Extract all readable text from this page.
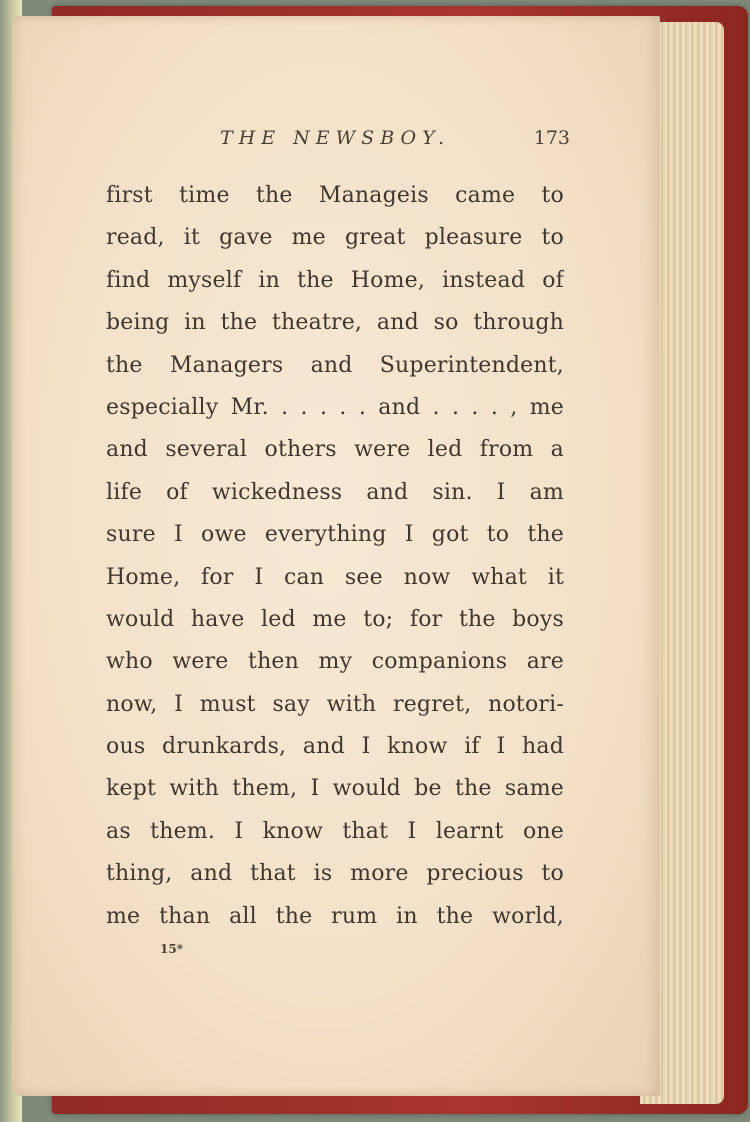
THE NEWSBOY.	173
first time the Manageis came to
read, it gave me great pleasure to
find myself in the Home, instead of
being in the theatre, and so through
the Managers and Superintendent,
especially Mr. . . . . . and . . . . , me
and several others were led from a
life of wickedness and sin. I am
sure I owe everything I got to the
Home, for I can see now what it
would have led me to; for the boys
who were then my companions are
now, I must say with regret, notori-
ous drunkards, and I know if I had
kept with them, I would be the same
as them. I know that I learnt one
thing, and that is more precious to
me than all the rum in the world,
15*
